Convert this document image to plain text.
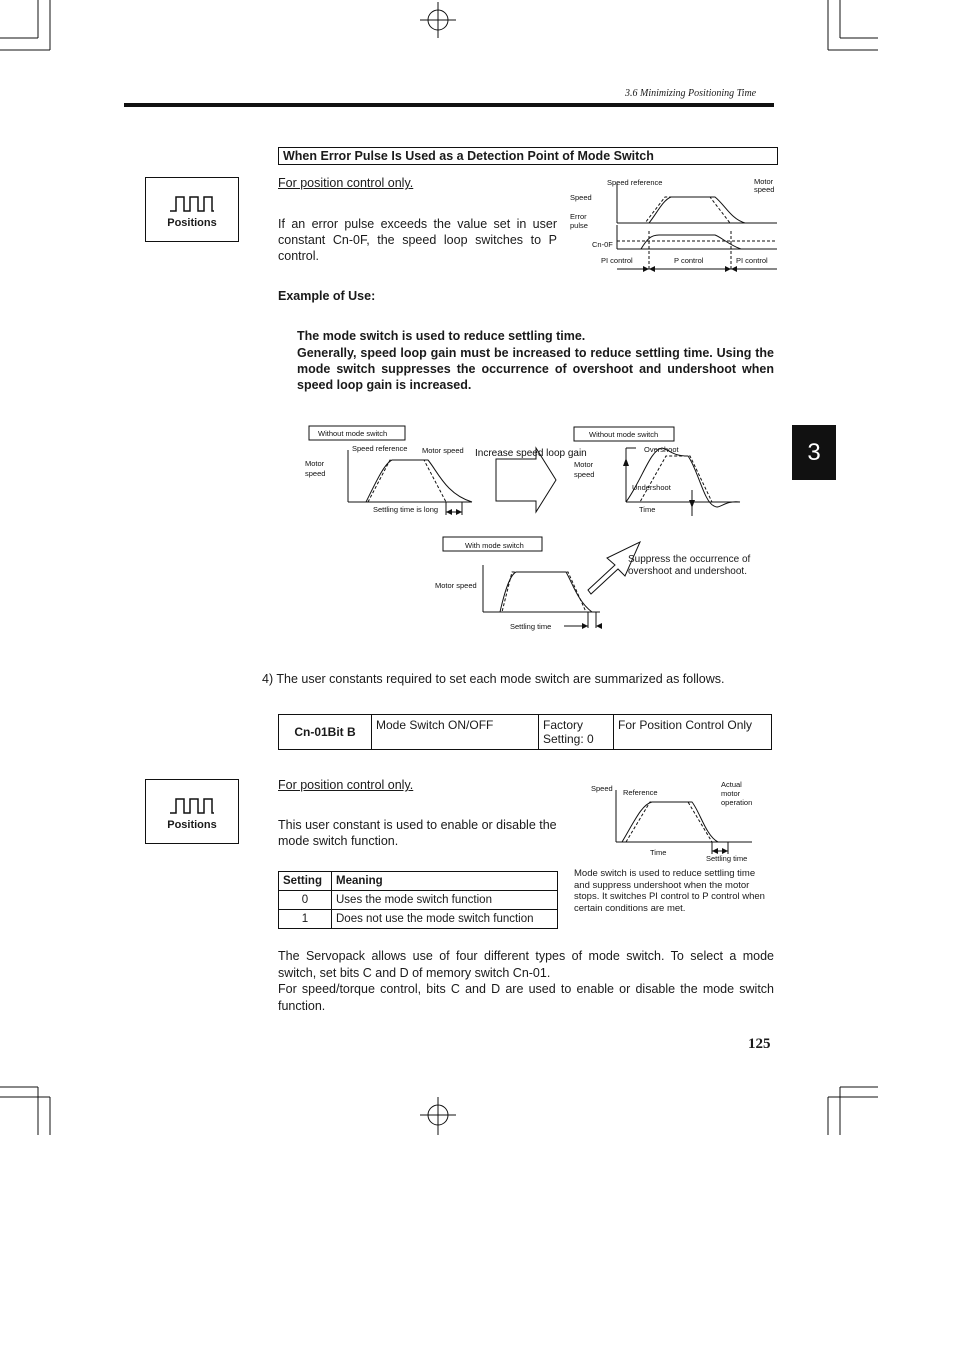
3.6 Minimizing Positioning Time
3
When Error Pulse Is Used as a Detection Point of Mode Switch
Positions
For position control only.
If an error pulse exceeds the value set in user constant Cn-0F, the speed loop switches to P control.
Speed reference	Motor
speed
Speed
Error
pulse
Cn-0F
PI control	P control	PI control
Example of Use:
The mode switch is used to reduce settling time.
Generally, speed loop gain must be increased to reduce settling time. Using the mode switch suppresses the occurrence of overshoot and undershoot when speed loop gain is increased.
Without mode switch
Speed reference Motor speed
Motor
speed
Settling time is long
Increase speed loop gain
Without mode switch
Overshoot
Motor
speed
Undershoot
Time
With mode switch
Motor speed
Settling time
Suppress the occurrence of overshoot and undershoot.
4) The user constants required to set each mode switch are summarized as follows.
Cn-01Bit B	Mode Switch ON/OFF	Factory Setting: 0	For Position Control Only
Positions
For position control only.
This user constant is used to enable or disable the mode switch function.
Speed Reference
Actual
motor
operation
Time
Settling time
Mode switch is used to reduce settling time and suppress undershoot when the motor stops. It switches PI control to P control when certain conditions are met.
Setting	Meaning
0	Uses the mode switch function
1	Does not use the mode switch function
The Servopack allows use of four different types of mode switch. To select a mode switch, set bits C and D of memory switch Cn-01.
For speed/torque control, bits C and D are used to enable or disable the mode switch function.
125
